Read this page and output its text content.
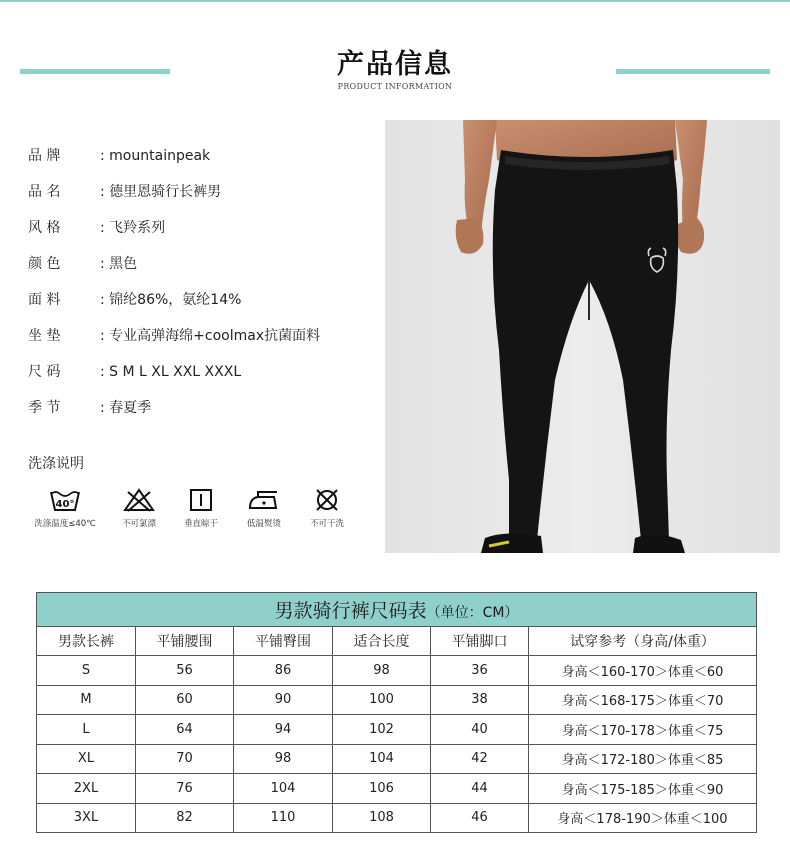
产品信息
PRODUCT INFORMATION
品 牌	: mountainpeak
品 名	: 德里恩骑行长裤男
风 格	: 飞羚系列
颜 色	: 黑色
面 料	: 锦纶86%，氨纶14%
坐 垫	: 专业高弹海绵+coolmax抗菌面料
尺 码	: S M L XL XXL XXXL
季 节	: 春夏季
洗涤说明
40°
洗涤温度≤40℃	不可氯漂	垂直晾干	低温熨烫	不可干洗
男款骑行裤尺码表（单位：CM）					
男款长裤	平铺腰围	平铺臀围	适合长度	平铺脚口	试穿参考（身高/体重）
S	56	86	98	36	身高＜160-170＞体重＜60
M	60	90	100	38	身高＜168-175＞体重＜70
L	64	94	102	40	身高＜170-178＞体重＜75
XL	70	98	104	42	身高＜172-180＞体重＜85
2XL	76	104	106	44	身高＜175-185＞体重＜90
3XL	82	110	108	46	身高＜178-190＞体重＜100
